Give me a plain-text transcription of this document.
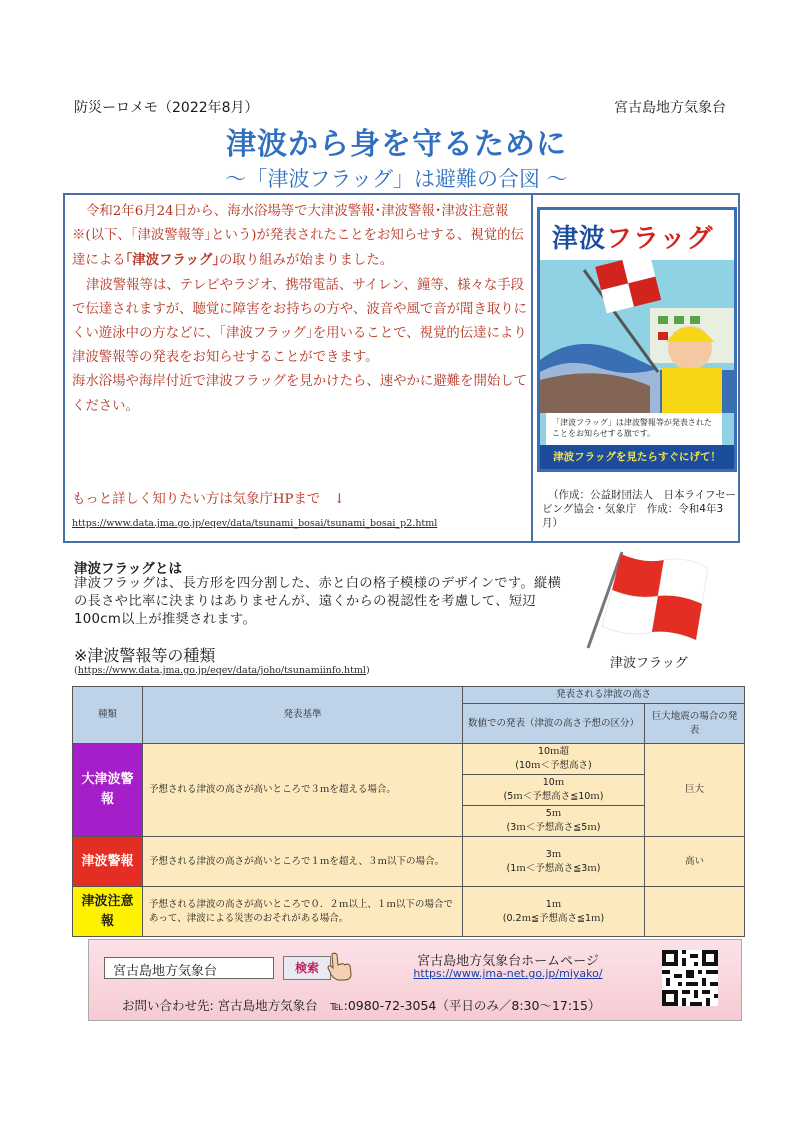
防災ーロメモ（2022年8月）	宮古島地方気象台
津波から身を守るために
～「津波フラッグ」は避難の合図 ～

令和2年6月24日から、海水浴場等で大津波警報･津波警報･津波注意報※(以下、｢津波警報等｣という)が発表されたことをお知らせする、視覚的伝達による｢津波フラッグ｣の取り組みが始まりました。

津波警報等は、テレビやラジオ、携帯電話、サイレン、鐘等、様々な手段で伝達されますが、聴覚に障害をお持ちの方や、波音や風で音が聞き取りにくい遊泳中の方などに、｢津波フラッグ｣を用いることで、視覚的伝達により津波警報等の発表をお知らせすることができます。

海水浴場や海岸付近で津波フラッグを見かけたら、速やかに避難を開始してください。

もっと詳しく知りたい方は気象庁HPまで　↓
https://www.data.jma.go.jp/eqev/data/tsunami_bosai/tsunami_bosai_p2.html
津波フラッグ
「津波フラッグ」は津波警報等が発表されたことをお知らせする旗です。
津波フラッグを見たらすぐにげて！
（作成：公益財団法人　日本ライフセービング協会・気象庁　作成：令和4年3月）
津波フラッグとは
津波フラッグは、長方形を四分割した、赤と白の格子模様のデザインです。縦横の長さや比率に決まりはありませんが、遠くからの視認性を考慮して、短辺100cm以上が推奨されます。
津波フラッグ
※津波警報等の種類
(https://www.data.jma.go.jp/eqev/data/joho/tsunamiinfo.html)
種類	発表基準	発表される津波の高さ	
		数値での発表（津波の高さ予想の区分）	巨大地震の場合の発表
大津波警報	予想される津波の高さが高いところで３ｍを超える場合。	10ｍ超
(10ｍ＜予想高さ)	巨大

		10ｍ
(5ｍ＜予想高さ≦10ｍ)	

		5ｍ
(3ｍ＜予想高さ≦5ｍ)	

津波警報	予想される津波の高さが高いところで１ｍを超え、３ｍ以下の場合。	3ｍ
(1ｍ＜予想高さ≦3ｍ)	高い
津波注意報	予想される津波の高さが高いところで０．２ｍ以上、１ｍ以下の場合であって、津波による災害のおそれがある場合。	1ｍ
(0.2ｍ≦予想高さ≦1ｍ)	

宮古島地方気象台	検索	宮古島地方気象台ホームページ
https://www.jma-net.go.jp/miyako/
お問い合わせ先: 宮古島地方気象台　℡:0980-72-3054（平日のみ／8:30～17:15）
